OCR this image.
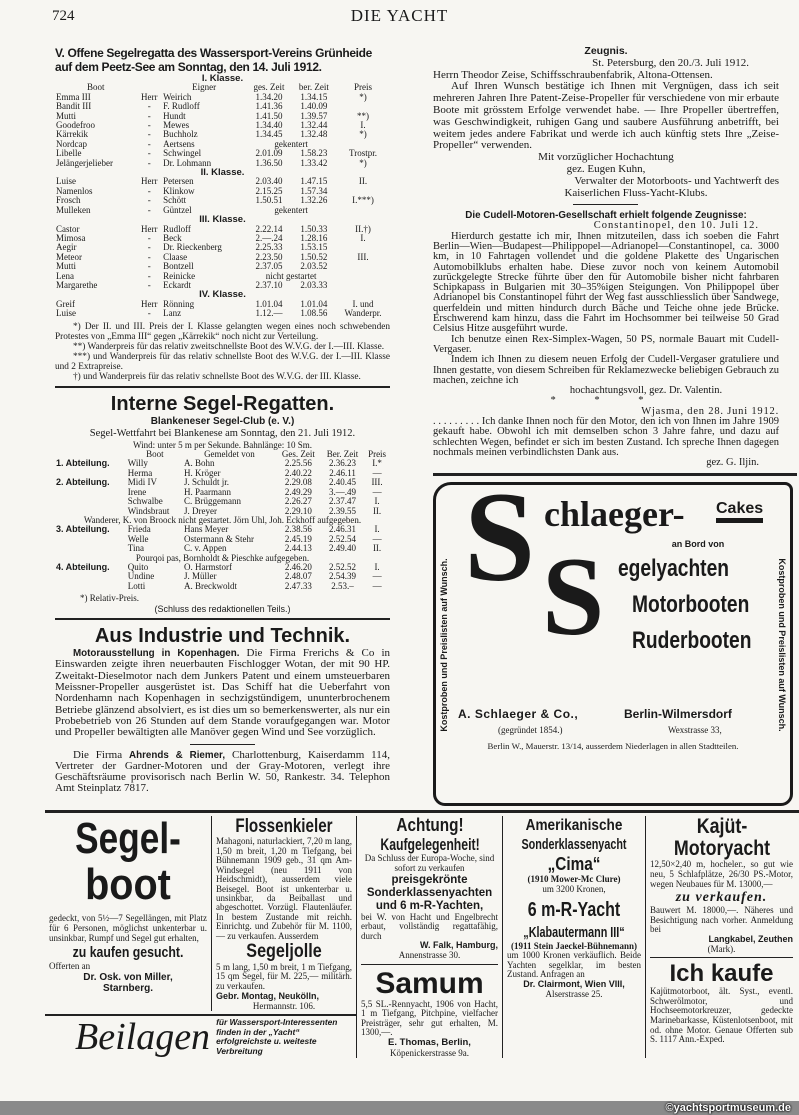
724	DIE YACHT
V. Offene Segelregatta des Wassersport-Vereins Grünheide auf dem Peetz-See am Sonntag, den 14. Juli 1912.
I. Klasse.					
Boot		Eigner	ges. Zeit	ber. Zeit	Preis
Emma III	Herr	Weirich	1.34.20	1.34.15	*)
Bandit III	-	F. Rudloff	1.41.36	1.40.09	
Mutti	-	Hundt	1.41.50	1.39.57	**)
Goodefroo	-	Mewes	1.34.40	1.32.44	I.
Kärrekik	-	Buchholz	1.34.45	1.32.48	*)
Nordcap	-	Aertsens	gekentert		
Libelle	-	Schwingel	2.01.09	1.58.23	Trostpr.
Jelängerjelieber	-	Dr. Lohmann	1.36.50	1.33.42	*)
II. Klasse.					
Luise	Herr	Petersen	2.03.40	1.47.15	II.
Namenlos	-	Klinkow	2.15.25	1.57.34	
Frosch	-	Schött	1.50.51	1.32.26	I.***)
Mulleken	-	Güntzel	gekentert		
III. Klasse.					
Castor	Herr	Rudloff	2.22.14	1.50.33	II.†)
Mimosa	-	Beck	2.—.24	1.28.16	I.
Aegir	-	Dr. Rieckenberg	2.25.33	1.53.15	
Meteor	-	Claase	2.23.50	1.50.52	III.
Mutti	-	Bontzell	2.37.05	2.03.52	
Lena	-	Reinicke	nicht gestartet		
Margarethe	-	Eckardt	2.37.10	2.03.33	
IV. Klasse.					
Greif	Herr	Rönning	1.01.04	1.01.04	I. und
Luise	-	Lanz	1.12.—	1.08.56	Wanderpr.
*) Der II. und III. Preis der I. Klasse gelangten wegen eines noch schwebenden Protestes von „Emma III“ gegen „Kärrekik“ noch nicht zur Verteilung.
**) Wanderpreis für das relativ zweitschnellste Boot des W.V.G. der I.—III. Klasse.
***) und Wanderpreis für das relativ schnellste Boot des W.V.G. der I.—III. Klasse und 2 Extrapreise.
†) und Wanderpreis für das relativ schnellste Boot des W.V.G. der III. Klasse.
Interne Segel-Regatten.
Blankeneser Segel-Club (e. V.)
Segel-Wettfahrt bei Blankenese am Sonntag, den 21. Juli 1912.
Wind: unter 5 m per Sekunde. Bahnlänge: 10 Sm.
	Boot	Gemeldet von	Ges. Zeit	Ber. Zeit	Preis
1. Abteilung.	Willy	A. Bohn	2.25.56	2.36.23	I.*
	Herma	H. Kröger	2.40.22	2.46.11	—
2. Abteilung.	Midi IV	J. Schuldt jr.	2.29.08	2.40.45	III.
	Irene	H. Paarmann	2.49.29	3.—.49	—
	Schwalbe	C. Brüggemann	2.26.27	2.37.47	I.
	Windsbraut	J. Dreyer	2.29.10	2.39.55	II.
Wanderer, K. von Broock nicht gestartet. Jörn Uhl, Joh. Eckhoff aufgegeben.					
3. Abteilung.	Frieda	Hans Meyer	2.38.56	2.46.31	I.
	Welle	Ostermann & Stehr	2.45.19	2.52.54	—
	Tina	C. v. Appen	2.44.13	2.49.40	II.
Pourqoi pas, Bornholdt & Pieschke aufgegeben.					
4. Abteilung.	Quito	O. Harmstorf	2.46.20	2.52.52	I.
	Undine	J. Müller	2.48.07	2.54.39	—
	Lotti	A. Breckwoldt	2.47.33	2.53.–	—
*) Relativ-Preis.
(Schluss des redaktionellen Teils.)
Aus Industrie und Technik.

Motorausstellung in Kopenhagen. Die Firma Frerichs & Co in Einswarden zeigte ihren neuerbauten Fischlogger Wotan, der mit 90 HP. Zweitakt-Dieselmotor nach dem Junkers Patent und einem umsteuerbaren Meissner-Propeller ausgerüstet ist. Das Schiff hat die Ueberfahrt von Nordenhamn nach Kopenhagen in sechzigstündigem, ununterbrochenem Betriebe glänzend absolviert, es ist dies um so bemerkenswerter, als nur ein Probebetrieb von 26 Stunden auf dem Stande voraufgegangen war. Motor und Propeller bewältigten alle Manöver gegen Wind und See vorzüglich.

Die Firma Ahrends & Riemer, Charlottenburg, Kaiserdamm 114, Vertreter der Gardner-Motoren und der Gray-Motoren, verlegt ihre Geschäftsräume provisorisch nach Berlin W. 50, Rankestr. 34. Telephon Amt Steinplatz 7817.

Zeugnis.
St. Petersburg, den 20./3. Juli 1912.
Herrn Theodor Zeise, Schiffsschraubenfabrik, Altona-Ottensen.

Auf Ihren Wunsch bestätige ich Ihnen mit Vergnügen, dass ich seit mehreren Jahren Ihre Patent-Zeise-Propeller für verschiedene von mir erbaute Boote mit grösstem Erfolge verwendet habe. — Ihre Propeller übertreffen, was Geschwindigkeit, ruhigen Gang und saubere Ausführung anbetrifft, bei weitem jedes andere Fabrikat und werde ich auch künftig stets Ihre „Zeise-Propeller“ verwenden.

Mit vorzüglicher Hochachtung
gez. Eugen Kuhn,
Verwalter der Motorboots- und Yachtwerft des
Kaiserlichen Fluss-Yacht-Klubs.
Die Cudell-Motoren-Gesellschaft erhielt folgende Zeugnisse:
Constantinopel, den 10. Juli 12.

Hierdurch gestatte ich mir, Ihnen mitzuteilen, dass ich soeben die Fahrt Berlin—Wien—Budapest—Philippopel—Adrianopel—Constantinopel, ca. 3000 km, in 10 Fahrtagen vollendet und die goldene Plakette des Ungarischen Automobilklubs erhalten habe. Diese zuvor noch von keinem Automobil zurückgelegte Strecke führte über den für Automobile bisher nicht fahrbaren Schipkapass in Bulgarien mit 30–35%igen Steigungen. Von Philippopel über Adrianopel bis Constantinopel führt der Weg fast ausschliesslich über Sandwege, querfeldein und mitten hindurch durch Bäche und Teiche ohne jede Brücke. Erschwerend kam hinzu, dass die Fahrt im Hochsommer bei teilweise 50 Grad Celsius Hitze ausgeführt wurde.

Ich benutze einen Rex-Simplex-Wagen, 50 PS, normale Bauart mit Cudell-Vergaser.

Indem ich Ihnen zu diesem neuen Erfolg der Cudell-Vergaser gratuliere und Ihnen gestatte, von diesem Schreiben für Reklamezwecke beliebigen Gebrauch zu machen, zeichne ich

hochachtungsvoll, gez. Dr. Valentin.
* * *
Wjasma, den 28. Juni 1912.

. . . . . . . . . Ich danke Ihnen noch für den Motor, den ich von Ihnen im Jahre 1909 gekauft habe. Obwohl ich mit demselben schon 3 Jahre fahre, und dazu auf schlechten Wegen, befindet er sich im besten Zustand. Ich spreche Ihnen dagegen nochmals meinen verbindlichsten Dank aus.

gez. G. Iljin.
Kostproben und Preislisten auf Wunsch.	Kostproben und Preislisten auf Wunsch.
S S
chlaeger- Cakes
an Bord von
egelyachten
Motorbooten
Ruderbooten
A. Schlaeger & Co.,	Berlin-Wilmersdorf
(gegründet 1854.)	Wexstrasse 33,
Berlin W., Mauerstr. 13/14, ausserdem Niederlagen in allen Stadtteilen.
Segel-
boot
gedeckt, von 5½—7 Segellängen, mit Platz für 6 Personen, möglichst unkenterbar u. unsinkbar, Rumpf und Segel gut erhalten,
zu kaufen gesucht.
Offerten an
Dr. Osk. von Miller,
Starnberg.
Flossenkieler
Mahagoni, naturlackiert, 7,20 m lang, 1,50 m breit, 1,20 m Tiefgang, bei Bühnemann 1909 geb., 31 qm Am-Windsegel (neu 1911 von Heidschmidt), ausserdem viele Beisegel. Boot ist unkenterbar u. unsinkbar, da Beiballast und abgeschottet. Vorzügl. Flautenläufer. In bestem Zustande mit reichh. Einrichtg. und Zubehör für M. 1100,— zu verkaufen. Ausserdem
Segeljolle
5 m lang, 1,50 m breit, 1 m Tiefgang, 15 qm Segel, für M. 225,— militärh. zu verkaufen.
Gebr. Montag, Neukölln,
Hermannstr. 106.
Beilagen für Wassersport-Interessenten finden in der „Yacht“ erfolgreichste u. weiteste Verbreitung
Achtung!
Kaufgelegenheit!
Da Schluss der Europa-Woche, sind sofort zu verkaufen
preisgekrönte Sonderklassenyachten
und 6 m-R-Yachten,
bei W. von Hacht und Engelbrecht erbaut, vollständig regattafähig, durch
W. Falk, Hamburg,
Annenstrasse 30.
Samum
5,5 SL.-Rennyacht, 1906 von Hacht, 1 m Tiefgang, Pitchpine, vielfacher Preisträger, sehr gut erhalten, M. 1300,—.
E. Thomas, Berlin,
Köpenickerstrasse 9a.
Amerikanische
Sonderklassenyacht
„Cima“
(1910 Mower-Mc Clure)
um 3200 Kronen,
6 m-R-Yacht
„Klabautermann III“
(1911 Stein Jaeckel-Bühnemann)
um 1000 Kronen verkäuflich. Beide Yachten segelklar, im besten Zustand. Anfragen an
Dr. Clairmont, Wien VIII,
Alserstrasse 25.
Kajüt-
Motoryacht
12,50×2,40 m, hochelег., so gut wie neu, 5 Schlafplätze, 26/30 PS.-Motor, wegen Neubaues für M. 13000,—
zu verkaufen.
Bauwert M. 18000,—. Näheres und Besichtigung nach vorher. Anmeldung bei
Langkabel, Zeuthen
(Mark).
Ich kaufe
Kajütmotorboot, ält. Syst., eventl. Schwerölmotor, und Hochseemotorkreuzer, gedeckte Marinebarkasse, Küstenlotsenboot, mit od. ohne Motor. Genaue Offerten sub S. 1117 Ann.-Exped.
©yachtsportmuseum.de
